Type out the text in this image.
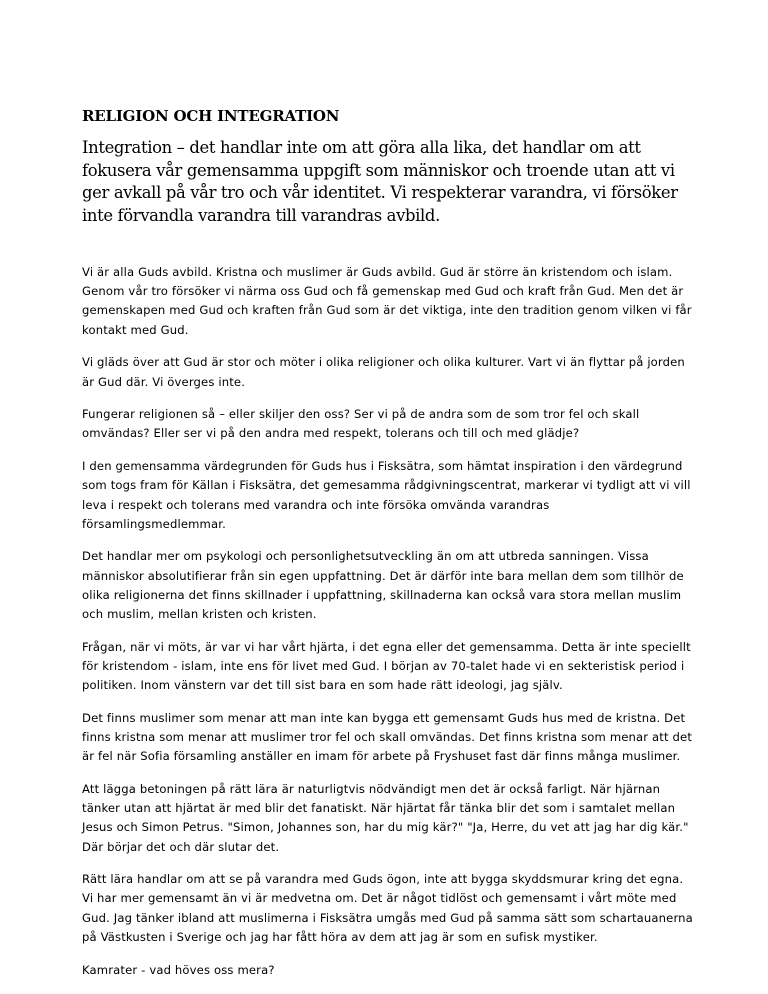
RELIGION OCH INTEGRATION

Integration – det handlar inte om att göra alla lika, det handlar om att fokusera vår gemensamma uppgift som människor och troende utan att vi ger avkall på vår tro och vår identitet. Vi respekterar varandra, vi försöker inte förvandla varandra till varandras avbild.

Vi är alla Guds avbild. Kristna och muslimer är Guds avbild. Gud är större än kristendom och islam. Genom vår tro försöker vi närma oss Gud och få gemenskap med Gud och kraft från Gud. Men det är gemenskapen med Gud och kraften från Gud som är det viktiga, inte den tradition genom vilken vi får kontakt med Gud.

Vi gläds över att Gud är stor och möter i olika religioner och olika kulturer. Vart vi än flyttar på jorden är Gud där. Vi överges inte.

Fungerar religionen så – eller skiljer den oss? Ser vi på de andra som de som tror fel och skall omvändas? Eller ser vi på den andra med respekt, tolerans och till och med glädje?

I den gemensamma värdegrunden för Guds hus i Fisksätra, som hämtat inspiration i den värdegrund som togs fram för Källan i Fisksätra, det gemesamma rådgivningscentrat, markerar vi tydligt att vi vill leva i respekt och tolerans med varandra och inte försöka omvända varandras församlingsmedlemmar.

Det handlar mer om psykologi och personlighetsutveckling än om att utbreda sanningen. Vissa människor absolutifierar från sin egen uppfattning. Det är därför inte bara mellan dem som tillhör de olika religionerna det finns skillnader i uppfattning, skillnaderna kan också vara stora mellan muslim och muslim, mellan kristen och kristen.

Frågan, när vi möts, är var vi har vårt hjärta, i det egna eller det gemensamma. Detta är inte speciellt för kristendom - islam, inte ens för livet med Gud. I början av 70-talet hade vi en sekteristisk period i politiken. Inom vänstern var det till sist bara en som hade rätt ideologi, jag själv.

Det finns muslimer som menar att man inte kan bygga ett gemensamt Guds hus med de kristna. Det finns kristna som menar att muslimer tror fel och skall omvändas. Det finns kristna som menar att det är fel när Sofia församling anställer en imam för arbete på Fryshuset fast där finns många muslimer.

Att lägga betoningen på rätt lära är naturligtvis nödvändigt men det är också farligt. När hjärnan tänker utan att hjärtat är med blir det fanatiskt. När hjärtat får tänka blir det som i samtalet mellan Jesus och Simon Petrus. "Simon, Johannes son, har du mig kär?" "Ja, Herre, du vet att jag har dig kär." Där börjar det och där slutar det.

Rätt lära handlar om att se på varandra med Guds ögon, inte att bygga skyddsmurar kring det egna. Vi har mer gemensamt än vi är medvetna om. Det är något tidlöst och gemensamt i vårt möte med Gud. Jag tänker ibland att muslimerna i Fisksätra umgås med Gud på samma sätt som schartauanerna på Västkusten i Sverige och jag har fått höra av dem att jag är som en sufisk mystiker.

Kamrater - vad höves oss mera?
